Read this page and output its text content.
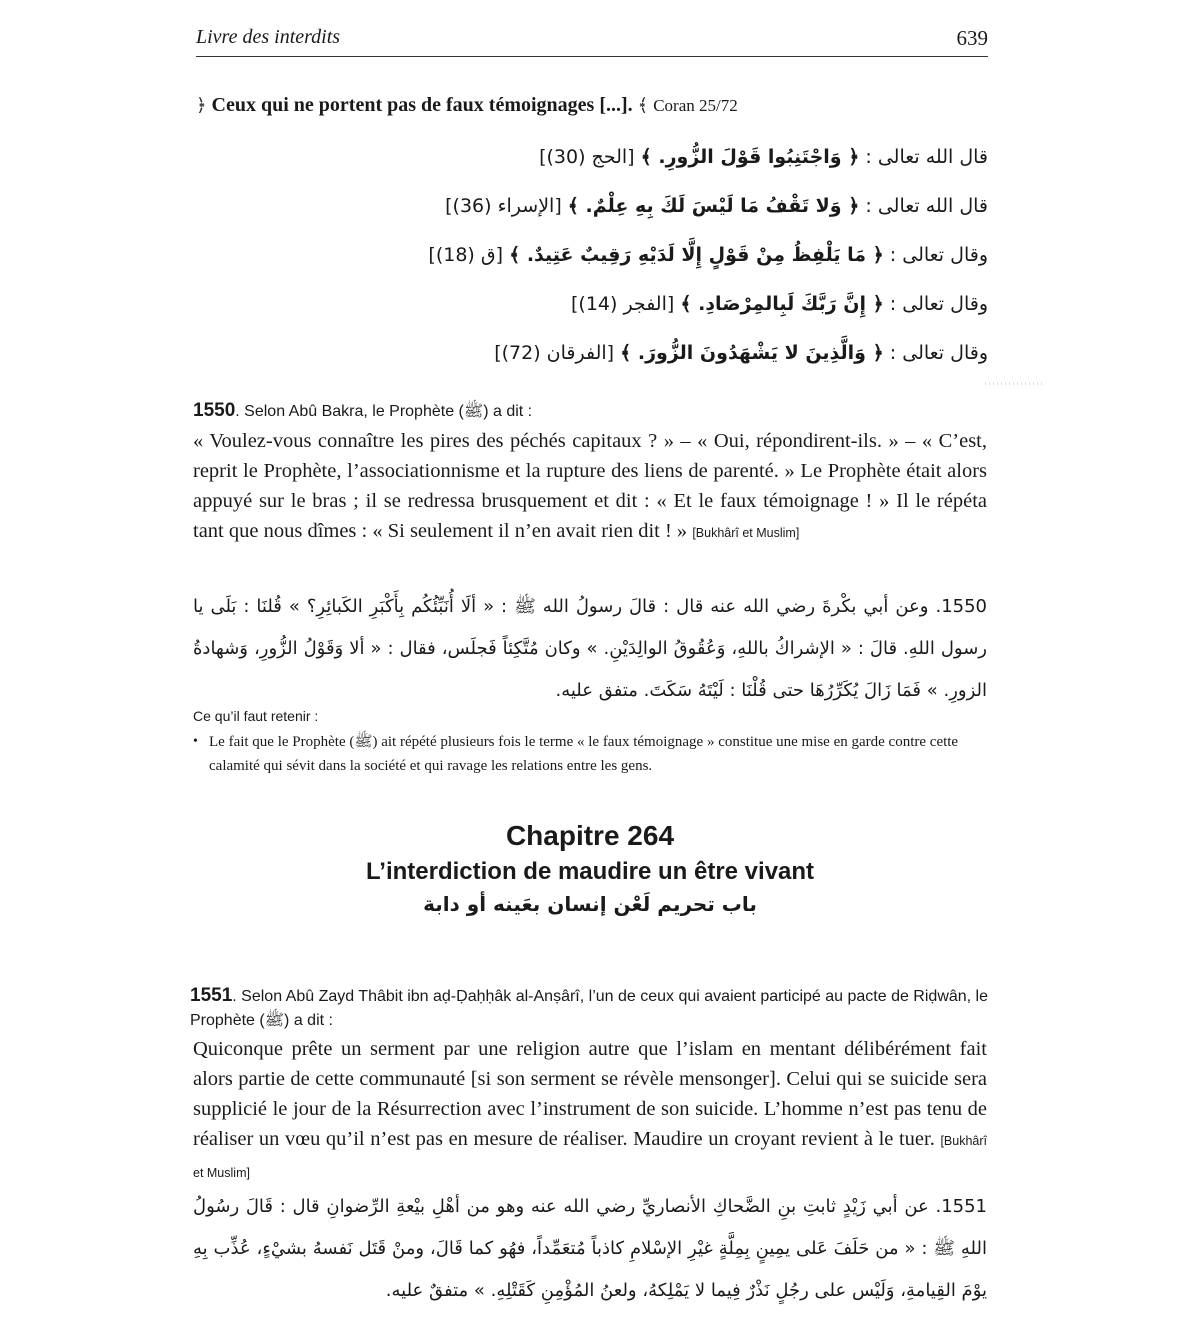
Livre des interdits	639
﴿ Ceux qui ne portent pas de faux témoignages [...]. ﴾ Coran 25/72
قال الله تعالى : ﴿ وَاجْتَنِبُوا قَوْلَ الزُّورِ. ﴾ [الحج (30)]
قال الله تعالى : ﴿ وَلا تَقْفُ مَا لَيْسَ لَكَ بِهِ عِلْمٌ. ﴾ [الإسراء (36)]
وقال تعالى : ﴿ مَا يَلْفِظُ مِنْ قَوْلٍ إِلَّا لَدَيْهِ رَقِيبٌ عَتِيدٌ. ﴾ [ق (18)]
وقال تعالى : ﴿ إِنَّ رَبَّكَ لَبِالمِرْصَادِ. ﴾ [الفجر (14)]
وقال تعالى : ﴿ وَالَّذِينَ لا يَشْهَدُونَ الزُّورَ. ﴾ [الفرقان (72)]
1550. Selon Abû Bakra, le Prophète (ﷺ) a dit :
« Voulez-vous connaître les pires des péchés capitaux ? » – « Oui, répondirent-ils. » – « C’est, reprit le Prophète, l’associationnisme et la rupture des liens de parenté. » Le Prophète était alors appuyé sur le bras ; il se redressa brusquement et dit : « Et le faux témoignage ! » Il le répéta tant que nous dîmes : « Si seulement il n’en avait rien dit ! » [Bukhârî et Muslim]
1550. وعن أبي بكْرةَ رضي الله عنه قال : قالَ رسولُ الله ﷺ : « ألَا أُنَبِّئُكُم بِأَكْبَرِ الكَبائِرِ؟ » قُلنَا : بَلَى يا رسول اللهِ. قالَ : « الإشراكُ باللهِ، وَعُقُوقُ الوالِدَيْنِ. » وكان مُتَّكِئاً فَجلَس، فقال : « ألا وَقَوْلُ الزُّورِ، وَشهادةُ الزورِ. » فَمَا زَالَ يُكَرِّرُهَا حتى قُلْنَا : لَيْتَهُ سَكَتَ. متفق عليه.
Ce qu’il faut retenir :
• Le fait que le Prophète (ﷺ) ait répété plusieurs fois le terme « le faux témoignage » constitue une mise en garde contre cette calamité qui sévit dans la société et qui ravage les relations entre les gens.
Chapitre 264
L’interdiction de maudire un être vivant
باب تحريم لَعْن إنسان بعَينه أو دابة
1551. Selon Abû Zayd Thâbit ibn aḍ-Ḍaḥḥâk al-Anṣârî, l’un de ceux qui avaient participé au pacte de Riḍwân, le Prophète (ﷺ) a dit :
Quiconque prête un serment par une religion autre que l’islam en mentant délibérément fait alors partie de cette communauté [si son serment se révèle mensonger]. Celui qui se suicide sera supplicié le jour de la Résurrection avec l’instrument de son suicide. L’homme n’est pas tenu de réaliser un vœu qu’il n’est pas en mesure de réaliser. Maudire un croyant revient à le tuer. [Bukhârî et Muslim]
1551. عن أبي زَيْدٍ ثابتِ بنِ الضَّحاكِ الأنصاريِّ رضي الله عنه وهو من أهْلِ بيْعةِ الرِّضوانِ قال : قَالَ رسُولُ اللهِ ﷺ : « من حَلَفَ عَلى يمِينٍ بِمِلَّةٍ غيْرِ الإسْلامِ كاذباً مُتعَمِّداً، فهُو كما قَالَ، ومنْ قَتَل نَفسهُ بشيْءٍ، عُذِّب بِهِ يوْمَ القِيامةِ، وَلَيْس على رجُلٍ نَذْرٌ فِيما لا يَمْلِكهُ، ولعنُ المُؤْمِنِ كَقَتْلِهِ. » متفقٌ عليه.
